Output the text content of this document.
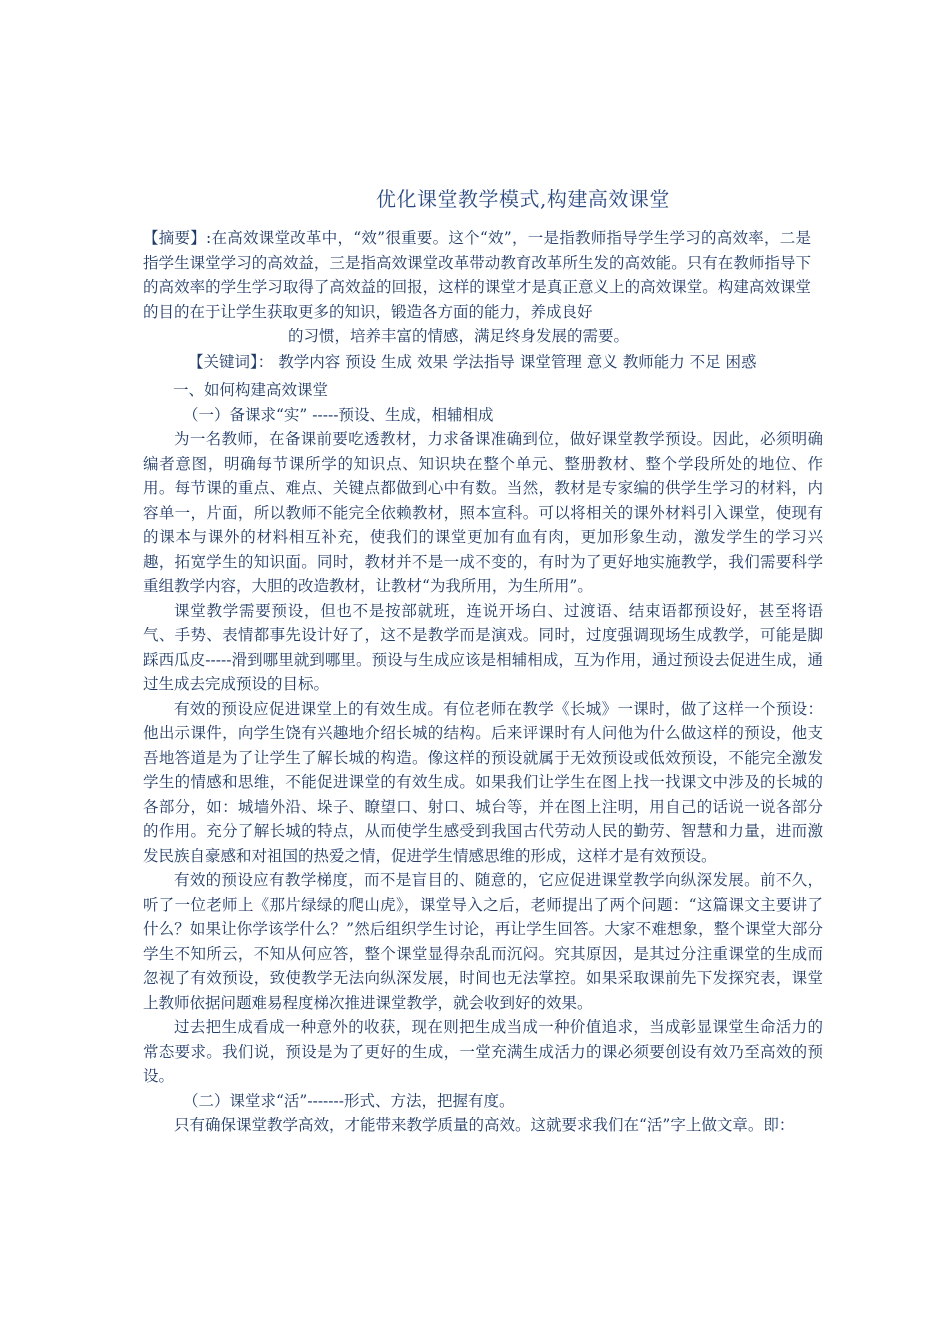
优化课堂教学模式,构建高效课堂
【摘要】:在高效课堂改革中，“效”很重要。这个“效”，一是指教师指导学生学习的高效率，二是指学生课堂学习的高效益，三是指高效课堂改革带动教育改革所生发的高效能。只有在教师指导下的高效率的学生学习取得了高效益的回报，这样的课堂才是真正意义上的高效课堂。构建高效课堂的目的在于让学生获取更多的知识，锻造各方面的能力，养成良好
的习惯，培养丰富的情感，满足终身发展的需要。
【关键词】： 教学内容 预设 生成 效果 学法指导 课堂管理 意义 教师能力 不足 困惑

一、如何构建高效课堂

（一）备课求“实” -----预设、生成，相辅相成

为一名教师，在备课前要吃透教材，力求备课准确到位，做好课堂教学预设。因此，必须明确编者意图，明确每节课所学的知识点、知识块在整个单元、整册教材、整个学段所处的地位、作用。每节课的重点、难点、关键点都做到心中有数。当然，教材是专家编的供学生学习的材料，内容单一，片面，所以教师不能完全依赖教材，照本宣科。可以将相关的课外材料引入课堂，使现有的课本与课外的材料相互补充，使我们的课堂更加有血有肉，更加形象生动，激发学生的学习兴趣，拓宽学生的知识面。同时，教材并不是一成不变的，有时为了更好地实施教学，我们需要科学重组教学内容，大胆的改造教材，让教材“为我所用，为生所用”。

课堂教学需要预设，但也不是按部就班，连说开场白、过渡语、结束语都预设好，甚至将语气、手势、表情都事先设计好了，这不是教学而是演戏。同时，过度强调现场生成教学，可能是脚踩西瓜皮-----滑到哪里就到哪里。预设与生成应该是相辅相成，互为作用，通过预设去促进生成，通过生成去完成预设的目标。

有效的预设应促进课堂上的有效生成。有位老师在教学《长城》一课时，做了这样一个预设：他出示课件，向学生饶有兴趣地介绍长城的结构。后来评课时有人问他为什么做这样的预设，他支吾地答道是为了让学生了解长城的构造。像这样的预设就属于无效预设或低效预设，不能完全激发学生的情感和思维，不能促进课堂的有效生成。如果我们让学生在图上找一找课文中涉及的长城的各部分，如：城墙外沿、垛子、瞭望口、射口、城台等，并在图上注明，用自己的话说一说各部分的作用。充分了解长城的特点，从而使学生感受到我国古代劳动人民的勤劳、智慧和力量，进而激发民族自豪感和对祖国的热爱之情，促进学生情感思维的形成，这样才是有效预设。

有效的预设应有教学梯度，而不是盲目的、随意的，它应促进课堂教学向纵深发展。前不久，听了一位老师上《那片绿绿的爬山虎》，课堂导入之后，老师提出了两个问题：“这篇课文主要讲了什么？如果让你学该学什么？”然后组织学生讨论，再让学生回答。大家不难想象，整个课堂大部分学生不知所云，不知从何应答，整个课堂显得杂乱而沉闷。究其原因，是其过分注重课堂的生成而忽视了有效预设，致使教学无法向纵深发展，时间也无法掌控。如果采取课前先下发探究表，课堂上教师依据问题难易程度梯次推进课堂教学，就会收到好的效果。

过去把生成看成一种意外的收获，现在则把生成当成一种价值追求，当成彰显课堂生命活力的常态要求。我们说，预设是为了更好的生成，一堂充满生成活力的课必须要创设有效乃至高效的预设。

（二）课堂求“活”-------形式、方法，把握有度。

只有确保课堂教学高效，才能带来教学质量的高效。这就要求我们在“活”字上做文章。即：
